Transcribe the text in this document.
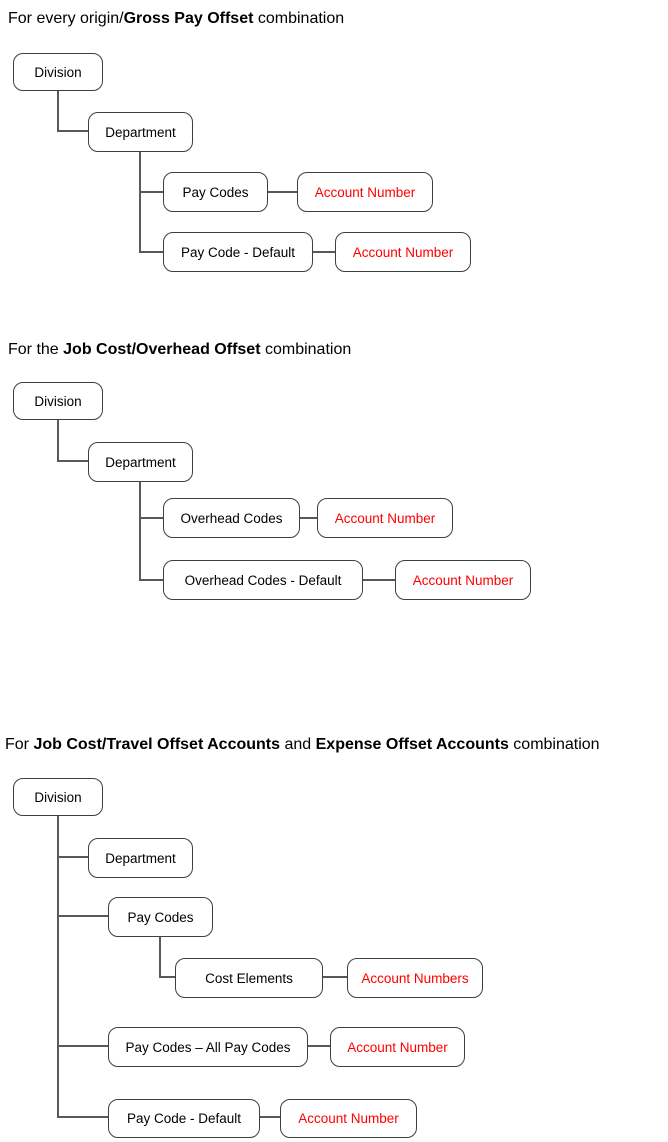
For every origin/Gross Pay Offset combination
Division
Department
Pay Codes	Account Number
Pay Code - Default	Account Number
For the Job Cost/Overhead Offset combination
Division
Department
Overhead Codes	Account Number
Overhead Codes - Default	Account Number
For Job Cost/Travel Offset Accounts and Expense Offset Accounts combination
Division
Department
Pay Codes
Cost Elements	Account Numbers
Pay Codes – All Pay Codes	Account Number
Pay Code - Default	Account Number
